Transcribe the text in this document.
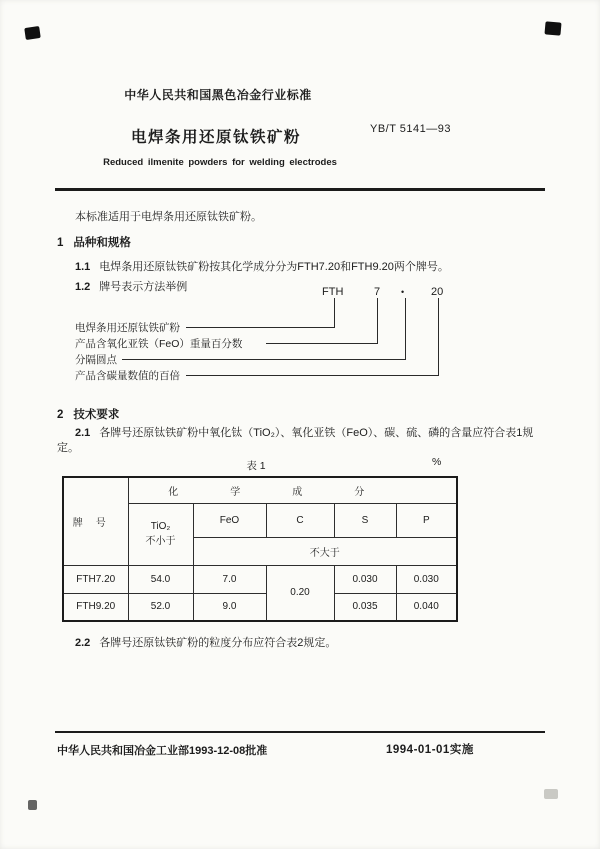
中华人民共和国黑色冶金行业标准
电焊条用还原钛铁矿粉	YB/T 5141—93
Reduced ilmenite powders for welding electrodes
本标准适用于电焊条用还原钛铁矿粉。
1 品种和规格
1.1 电焊条用还原钛铁矿粉按其化学成分分为FTH7.20和FTH9.20两个牌号。
1.2 牌号表示方法举例	FTH	7 • 20
电焊条用还原钛铁矿粉
产品含氧化亚铁（FeO）重量百分数
分隔圆点
产品含碳量数值的百倍
2 技术要求
2.1 各牌号还原钛铁矿粉中氧化钛（TiO₂）、氧化亚铁（FeO）、碳、硫、磷的含量应符合表1规定。
表 1	%
牌号	化学成分				

	TiO₂
不小于	FeO	C	S	P
		不大于			
FTH7.20	54.0	7.0	0.20	0.030	0.030
FTH9.20	52.0	9.0		0.035	0.040
2.2 各牌号还原钛铁矿粉的粒度分布应符合表2规定。
中华人民共和国冶金工业部1993-12-08批准	1994-01-01实施
